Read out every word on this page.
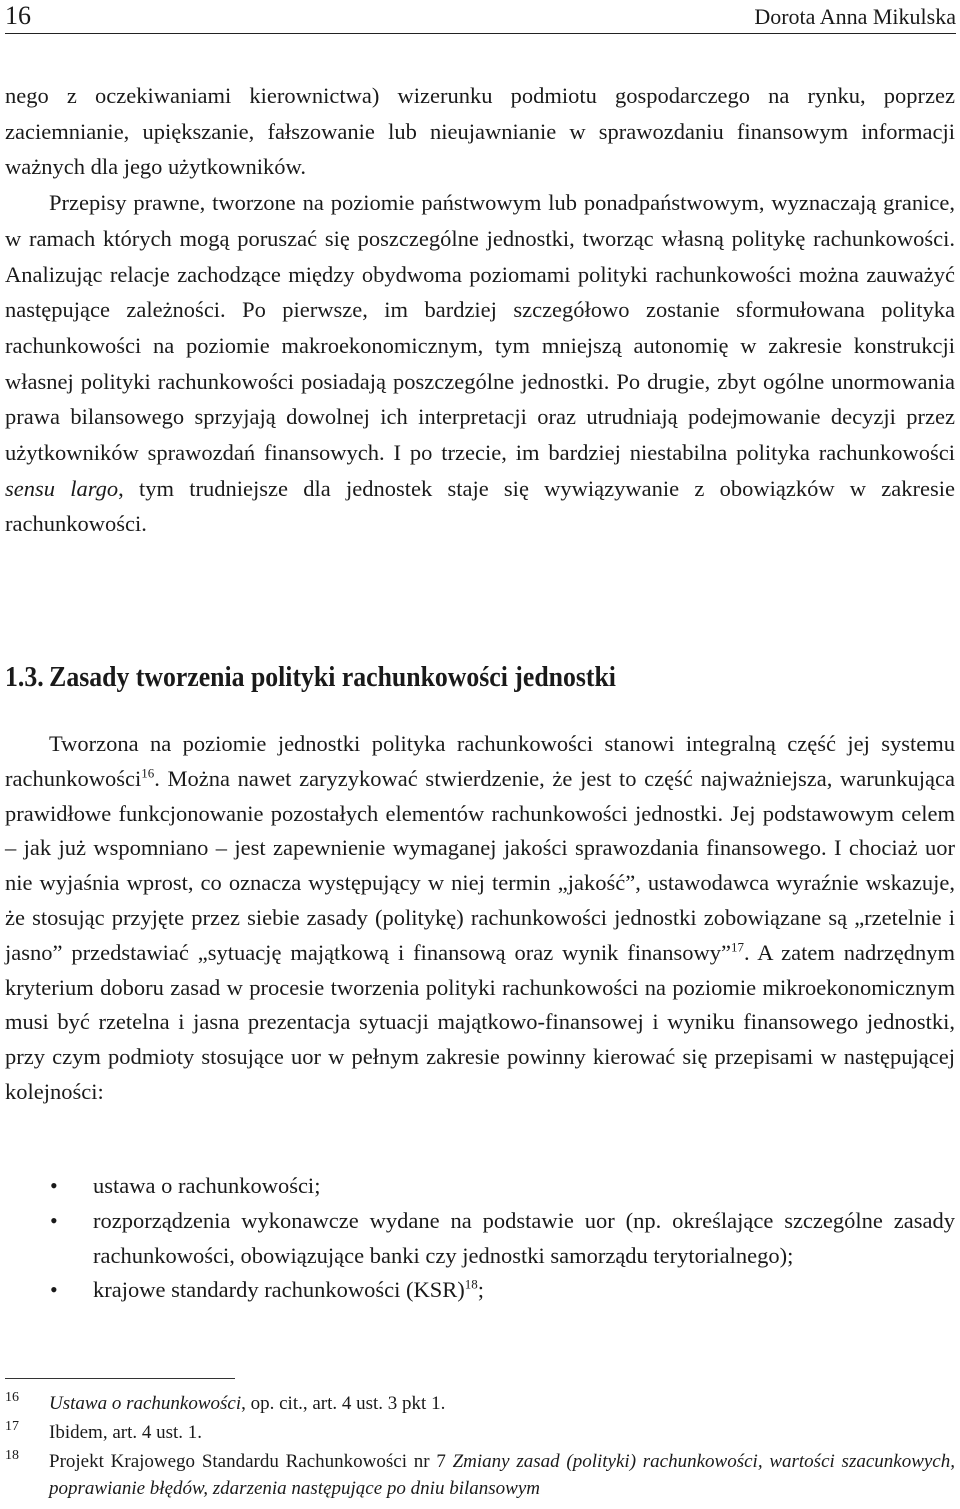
16	Dorota Anna Mikulska

nego z oczekiwaniami kierownictwa) wizerunku podmiotu gospodarczego na rynku, poprzez zaciemnianie, upiększanie, fałszowanie lub nieujawnianie w sprawozdaniu finansowym informacji ważnych dla jego użytkowników.
Przepisy prawne, tworzone na poziomie państwowym lub ponadpaństwowym, wyznaczają granice, w ramach których mogą poruszać się poszczególne jednostki, tworząc własną politykę rachunkowości. Analizując relacje zachodzące między obydwoma poziomami polityki rachunkowości można zauważyć następujące zależności. Po pierwsze, im bardziej szczegółowo zostanie sformułowana polityka rachunkowości na poziomie makroekonomicznym, tym mniejszą autonomię w zakresie konstrukcji własnej polityki rachunkowości posiadają poszczególne jednostki. Po drugie, zbyt ogólne unormowania prawa bilansowego sprzyjają dowolnej ich interpretacji oraz utrudniają podejmowanie decyzji przez użytkowników sprawozdań finansowych. I po trzecie, im bardziej niestabilna polityka rachunkowości sensu largo, tym trudniejsze dla jednostek staje się wywiązywanie z obowiązków w zakresie rachunkowości.

1.3. Zasady tworzenia polityki rachunkowości jednostki

Tworzona na poziomie jednostki polityka rachunkowości stanowi integralną część jej systemu rachunkowości$^{16}$. Można nawet zaryzykować stwierdzenie, że jest to część najważniejsza, warunkująca prawidłowe funkcjonowanie pozostałych elementów rachunkowości jednostki. Jej podstawowym celem – jak już wspomniano – jest zapewnienie wymaganej jakości sprawozdania finansowego. I chociaż uor nie wyjaśnia wprost, co oznacza występujący w niej termin „jakość”, ustawodawca wyraźnie wskazuje, że stosując przyjęte przez siebie zasady (politykę) rachunkowości jednostki zobowiązane są „rzetelnie i jasno” przedstawiać „sytuację majątkową i finansową oraz wynik finansowy”$^{17}$. A zatem nadrzędnym kryterium doboru zasad w procesie tworzenia polityki rachunkowości na poziomie mikroekonomicznym musi być rzetelna i jasna prezentacja sytuacji majątkowo-finansowej i wyniku finansowego jednostki, przy czym podmioty stosujące uor w pełnym zakresie powinny kierować się przepisami w następującej kolejności:

• ustawa o rachunkowości;
• rozporządzenia wykonawcze wydane na podstawie uor (np. określające szczególne zasady rachunkowości, obowiązujące banki czy jednostki samorządu terytorialnego);
• krajowe standardy rachunkowości (KSR)$^{18}$;
16 Ustawa o rachunkowości, op. cit., art. 4 ust. 3 pkt 1.
17 Ibidem, art. 4 ust. 1.
18 Projekt Krajowego Standardu Rachunkowości nr 7 Zmiany zasad (polityki) rachunkowości, wartości szacunkowych, poprawianie błędów, zdarzenia następujące po dniu bilansowym
